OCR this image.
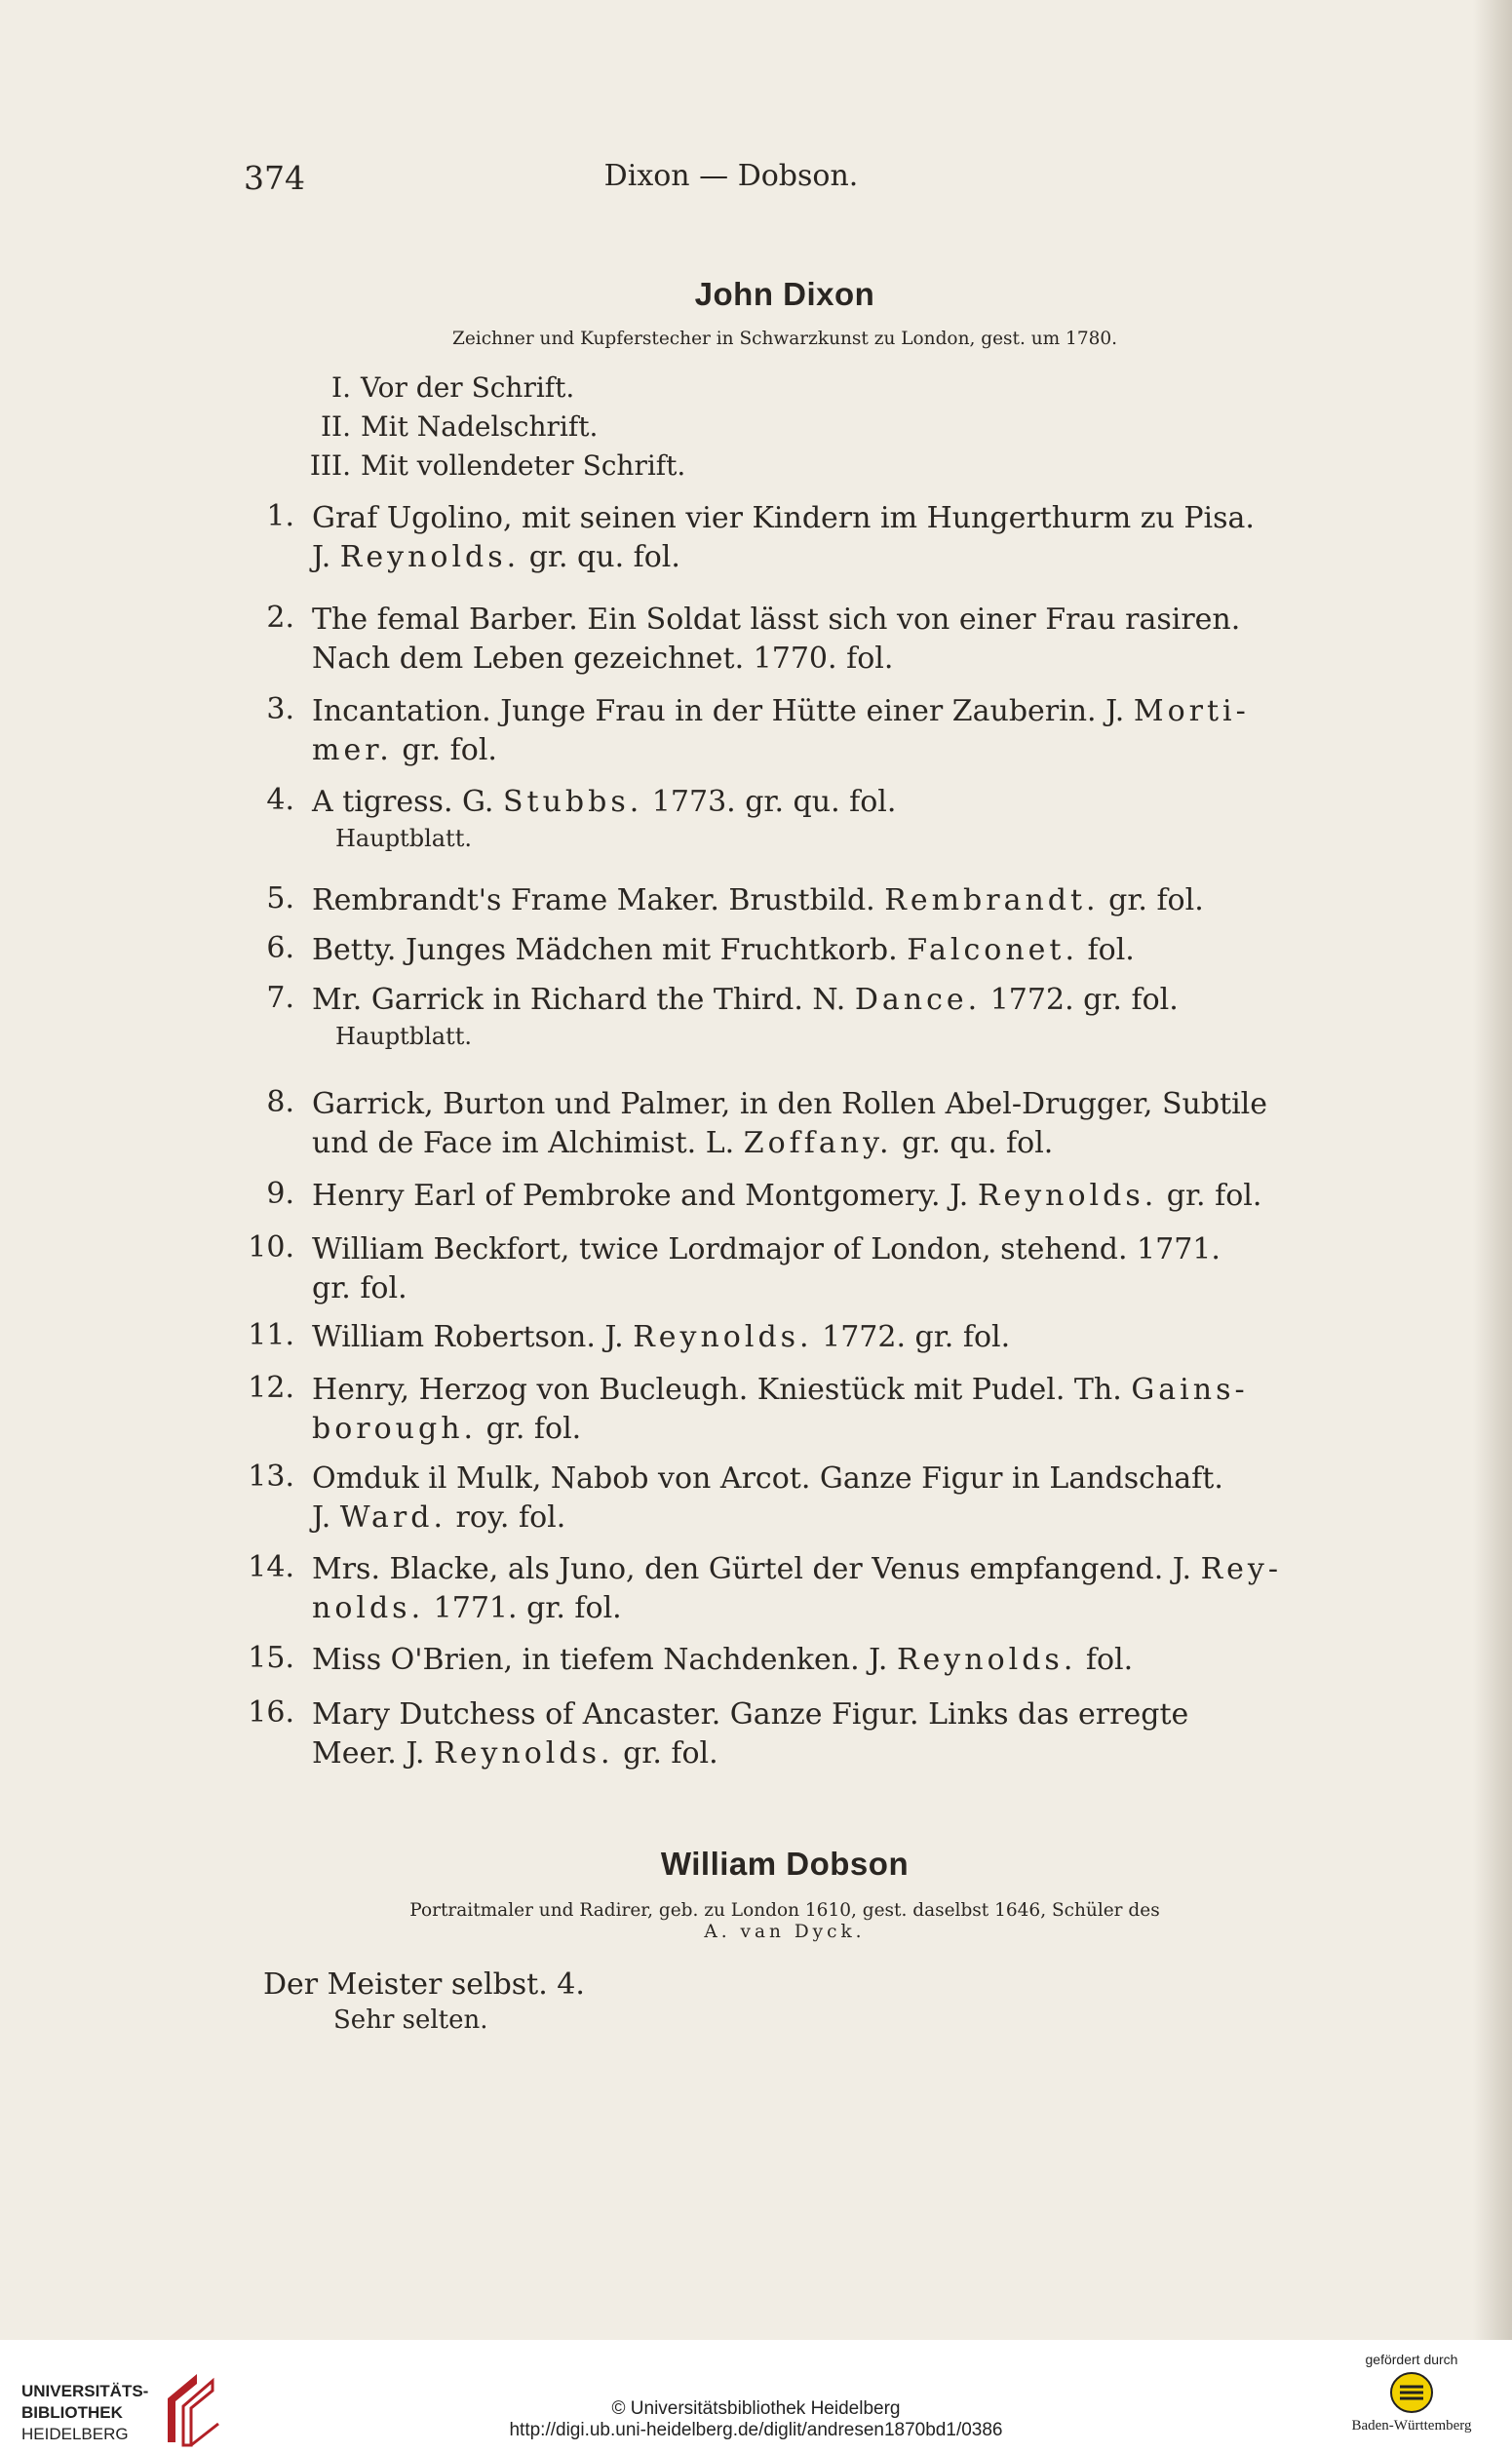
374	Dixon — Dobson.
John Dixon
Zeichner und Kupferstecher in Schwarzkunst zu London, gest. um 1780.
I. Vor der Schrift.
II. Mit Nadelschrift.
III. Mit vollendeter Schrift.
1. Graf Ugolino, mit seinen vier Kindern im Hungerthurm zu Pisa.
J. Reynolds. gr. qu. fol.
2. The femal Barber. Ein Soldat lässt sich von einer Frau rasiren.
Nach dem Leben gezeichnet. 1770. fol.
3. Incantation. Junge Frau in der Hütte einer Zauberin. J. Morti-
mer. gr. fol.
4. A tigress. G. Stubbs. 1773. gr. qu. fol.
Hauptblatt.
5. Rembrandt's Frame Maker. Brustbild. Rembrandt. gr. fol.
6. Betty. Junges Mädchen mit Fruchtkorb. Falconet. fol.
7. Mr. Garrick in Richard the Third. N. Dance. 1772. gr. fol.
Hauptblatt.
8. Garrick, Burton und Palmer, in den Rollen Abel-Drugger, Subtile
und de Face im Alchimist. L. Zoffany. gr. qu. fol.
9. Henry Earl of Pembroke and Montgomery. J. Reynolds. gr. fol.
10. William Beckfort, twice Lordmajor of London, stehend. 1771.
gr. fol.
11. William Robertson. J. Reynolds. 1772. gr. fol.
12. Henry, Herzog von Bucleugh. Kniestück mit Pudel. Th. Gains-
borough. gr. fol.
13. Omduk il Mulk, Nabob von Arcot. Ganze Figur in Landschaft.
J. Ward. roy. fol.
14. Mrs. Blacke, als Juno, den Gürtel der Venus empfangend. J. Rey-
nolds. 1771. gr. fol.
15. Miss O'Brien, in tiefem Nachdenken. J. Reynolds. fol.
16. Mary Dutchess of Ancaster. Ganze Figur. Links das erregte
Meer. J. Reynolds. gr. fol.
William Dobson
Portraitmaler und Radirer, geb. zu London 1610, gest. daselbst 1646, Schüler des
A. van Dyck.
Der Meister selbst. 4.
Sehr selten.
UNIVERSITÄTS-
BIBLIOTHEK
HEIDELBERG
© Universitätsbibliothek Heidelberg
http://digi.ub.uni-heidelberg.de/diglit/andresen1870bd1/0386
gefördert durch
Baden-Württemberg
